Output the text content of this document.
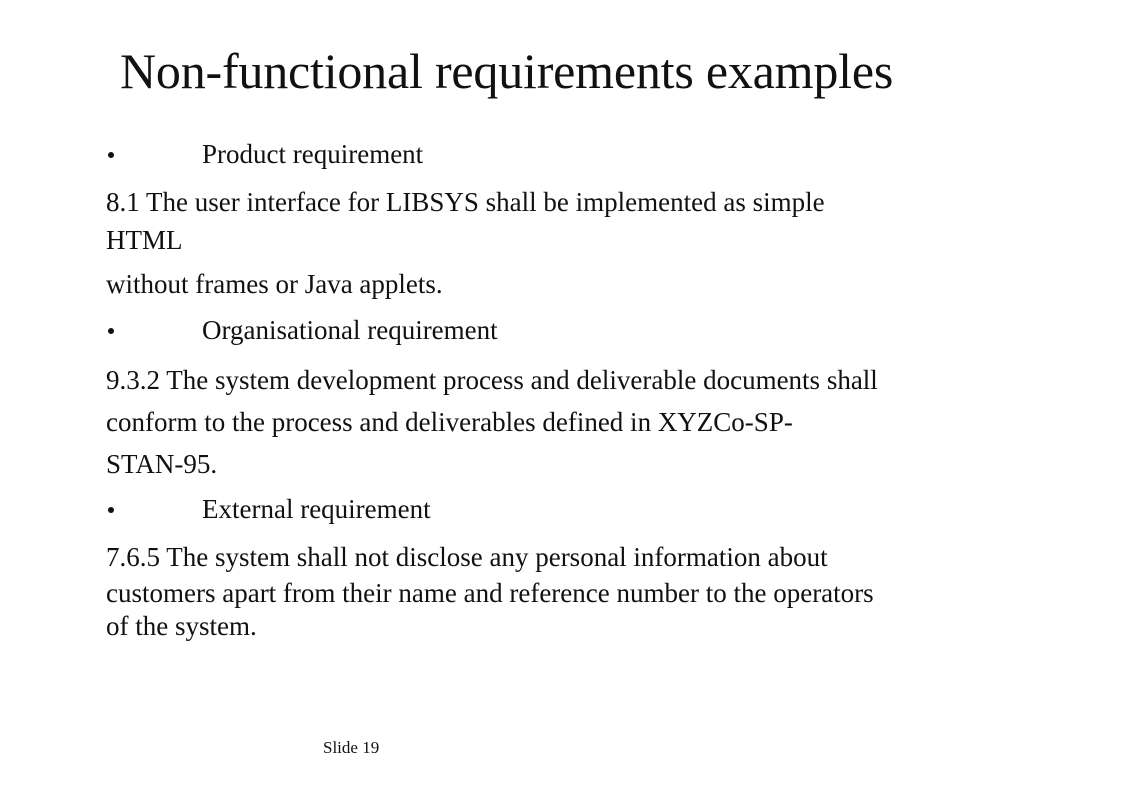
Non-functional requirements examples
Product requirement
8.1 The user interface for LIBSYS shall be implemented as simple
HTML
without frames or Java applets.
Organisational requirement
9.3.2 The system development process and deliverable documents shall
conform to the process and deliverables defined in XYZCo-SP-
STAN-95.
External requirement
7.6.5 The system shall not disclose any personal information about
customers apart from their name and reference number to the operators
of the system.
Slide 19
